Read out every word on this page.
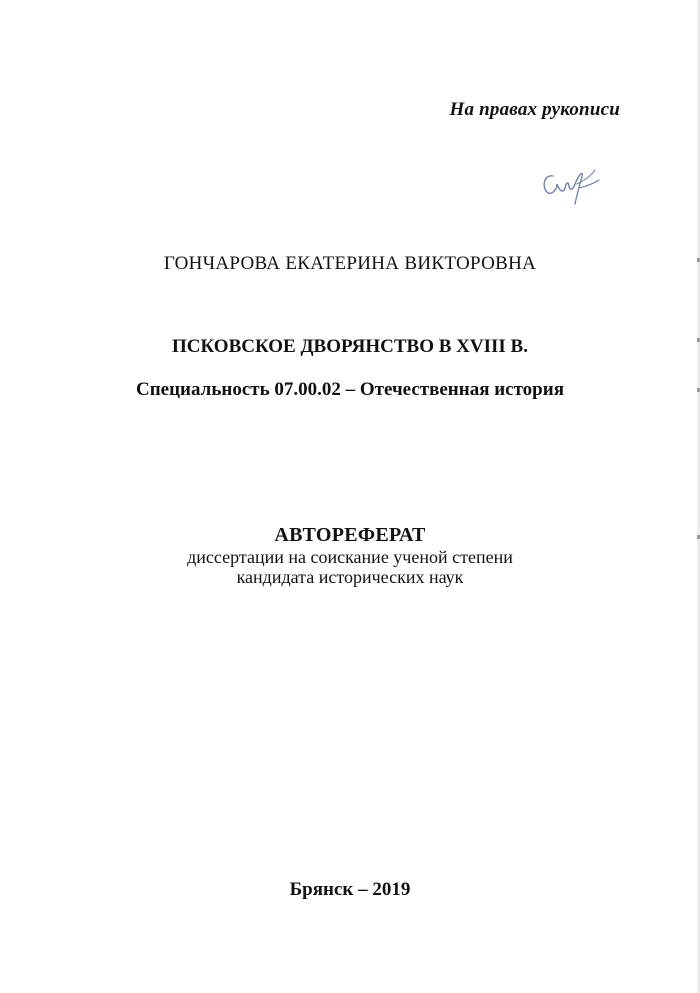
На правах рукописи
ГОНЧАРОВА ЕКАТЕРИНА ВИКТОРОВНА
ПСКОВСКОЕ ДВОРЯНСТВО В XVIII В.
Специальность 07.00.02 – Отечественная история
АВТОРЕФЕРАТ
диссертации на соискание ученой степени
кандидата исторических наук
Брянск – 2019
